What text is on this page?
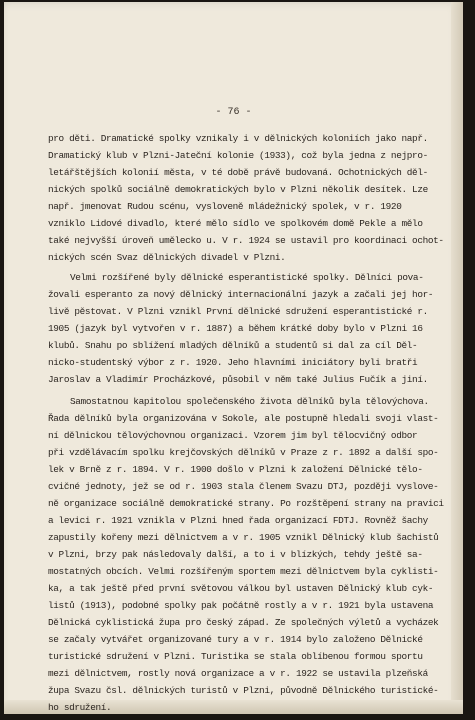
- 76 -
pro děti. Dramatické spolky vznikaly i v dělnických koloniích jako např.
Dramatický klub v Plzni-Jateční kolonie (1933), což byla jedna z nejpro-
letářštějších kolonií města, v té době právě budovaná. Ochotnických děl-
nických spolků sociálně demokratických bylo v Plzni několik desítek. Lze
např. jmenovat Rudou scénu, vysloveně mládežnický spolek, v r. 1920
vzniklo Lidové divadlo, které mělo sídlo ve spolkovém domě Pekle a mělo
také nejvyšší úroveň umělecko u. V r. 1924 se ustavil pro koordinaci ochot-
nických scén Svaz dělnických divadel v Plzni.
Velmi rozšířené byly dělnické esperantistické spolky. Dělníci pova-
žovali esperanto za nový dělnický internacionální jazyk a začali jej hor-
livě pěstovat. V Plzni vznikl První dělnické sdružení esperantistické r.
1905 (jazyk byl vytvořen v r. 1887) a během krátké doby bylo v Plzni 16
klubů. Snahu po sblížení mladých dělníků a studentů si dal za cíl Děl-
nicko-studentský výbor z r. 1920. Jeho hlavními iniciátory byli bratři
Jaroslav a Vladimír Procházkové, působil v něm také Julius Fučík a jiní.
Samostatnou kapitolou společenského života dělníků byla tělovýchova.
Řada dělníků byla organizována v Sokole, ale postupně hledali svoji vlast-
ní dělnickou tělovýchovnou organizaci. Vzorem jim byl tělocvičný odbor
při vzdělávacím spolku krejčovských dělníků v Praze z r. 1892 a další spo-
lek v Brně z r. 1894. V r. 1900 došlo v Plzni k založení Dělnické tělo-
cvičné jednoty, jež se od r. 1903 stala členem Svazu DTJ, později vyslove-
ně organizace sociálně demokratické strany. Po rozštěpení strany na pravici
a levici r. 1921 vznikla v Plzni hned řada organizací FDTJ. Rovněž šachy
zapustily kořeny mezi dělnictvem a v r. 1905 vznikl Dělnický klub šachistů
v Plzni, brzy pak následovaly další, a to i v blízkých, tehdy ještě sa-
mostatných obcích. Velmi rozšířeným sportem mezi dělnictvem byla cyklisti-
ka, a tak ještě před první světovou válkou byl ustaven Dělnický klub cyk-
listů (1913), podobné spolky pak počátně rostly a v r. 1921 byla ustavena
Dělnická cyklistická župa pro český západ. Ze společných výletů a vycházek
se začaly vytvářet organizované tury a v r. 1914 bylo založeno Dělnické
turistické sdružení v Plzni. Turistika se stala oblíbenou formou sportu
mezi dělnictvem, rostly nová organizace a v r. 1922 se ustavila plzeňská
župa Svazu čsl. dělnických turistů v Plzni, původně Dělnického turistické-
ho sdružení.
